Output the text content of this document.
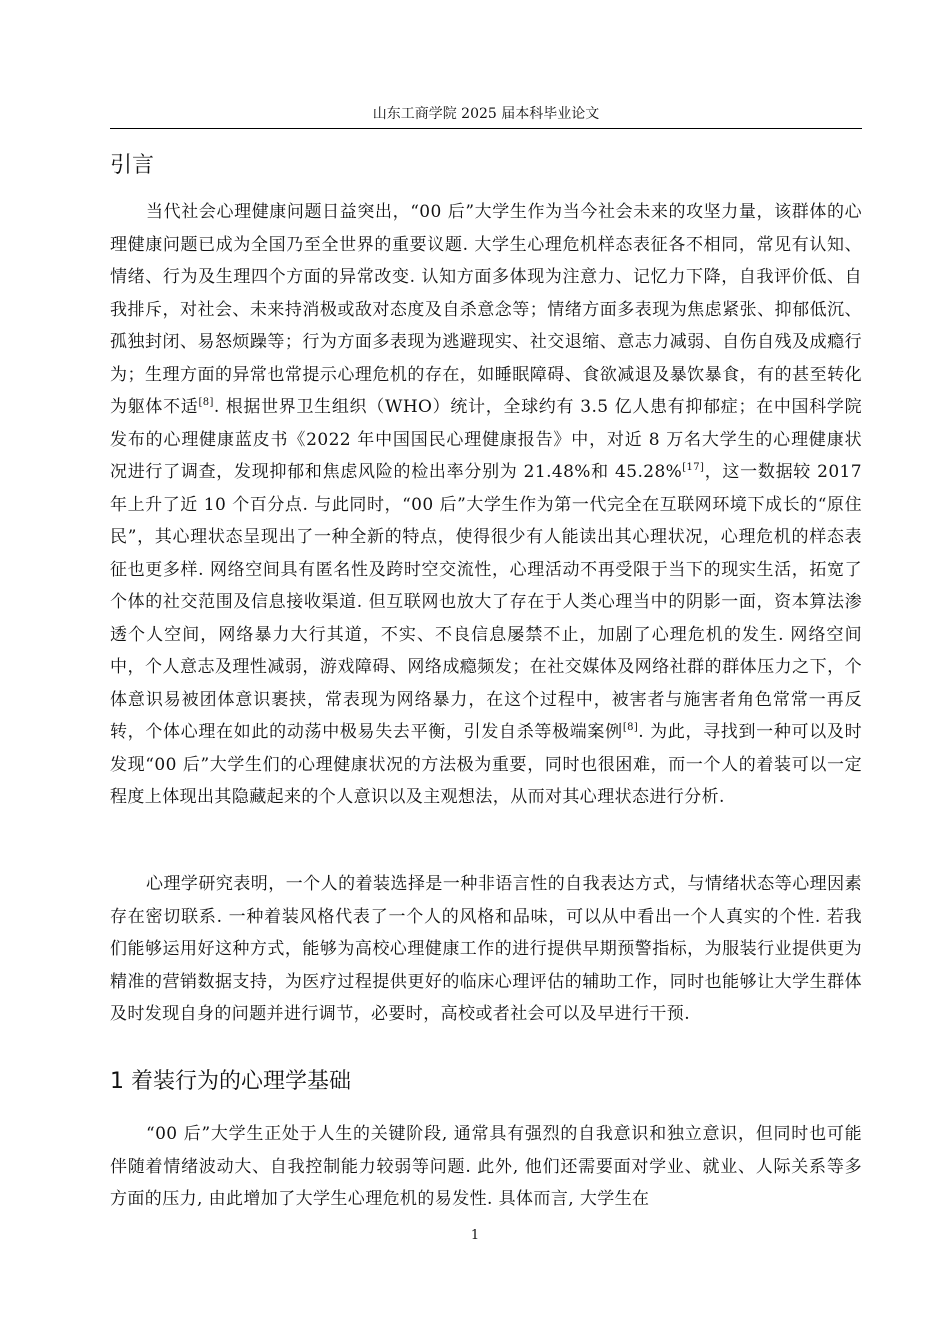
山东工商学院 2025 届本科毕业论文
引言

当代社会心理健康问题日益突出，“00 后”大学生作为当今社会未来的攻坚力量，该群体的心理健康问题已成为全国乃至全世界的重要议题. 大学生心理危机样态表征各不相同，常见有认知、情绪、行为及生理四个方面的异常改变. 认知方面多体现为注意力、记忆力下降，自我评价低、自我排斥，对社会、未来持消极或敌对态度及自杀意念等；情绪方面多表现为焦虑紧张、抑郁低沉、孤独封闭、易怒烦躁等；行为方面多表现为逃避现实、社交退缩、意志力减弱、自伤自残及成瘾行为；生理方面的异常也常提示心理危机的存在，如睡眠障碍、食欲减退及暴饮暴食，有的甚至转化为躯体不适[8]. 根据世界卫生组织（WHO）统计，全球约有 3.5 亿人患有抑郁症；在中国科学院发布的心理健康蓝皮书《2022 年中国国民心理健康报告》中，对近 8 万名大学生的心理健康状况进行了调查，发现抑郁和焦虑风险的检出率分别为 21.48%和 45.28%[17]，这一数据较 2017 年上升了近 10 个百分点. 与此同时，“00 后”大学生作为第一代完全在互联网环境下成长的“原住民”，其心理状态呈现出了一种全新的特点，使得很少有人能读出其心理状况，心理危机的样态表征也更多样. 网络空间具有匿名性及跨时空交流性，心理活动不再受限于当下的现实生活，拓宽了个体的社交范围及信息接收渠道. 但互联网也放大了存在于人类心理当中的阴影一面，资本算法渗透个人空间，网络暴力大行其道，不实、不良信息屡禁不止，加剧了心理危机的发生. 网络空间中，个人意志及理性减弱，游戏障碍、网络成瘾频发；在社交媒体及网络社群的群体压力之下，个体意识易被团体意识裹挟，常表现为网络暴力，在这个过程中，被害者与施害者角色常常一再反转，个体心理在如此的动荡中极易失去平衡，引发自杀等极端案例[8]. 为此，寻找到一种可以及时发现“00 后”大学生们的心理健康状况的方法极为重要，同时也很困难，而一个人的着装可以一定程度上体现出其隐藏起来的个人意识以及主观想法，从而对其心理状态进行分析.

心理学研究表明，一个人的着装选择是一种非语言性的自我表达方式，与情绪状态等心理因素存在密切联系. 一种着装风格代表了一个人的风格和品味，可以从中看出一个人真实的个性. 若我们能够运用好这种方式，能够为高校心理健康工作的进行提供早期预警指标，为服装行业提供更为精准的营销数据支持，为医疗过程提供更好的临床心理评估的辅助工作，同时也能够让大学生群体及时发现自身的问题并进行调节，必要时，高校或者社会可以及早进行干预.

1 着装行为的心理学基础

“00 后”大学生正处于人生的关键阶段, 通常具有强烈的自我意识和独立意识，但同时也可能伴随着情绪波动大、自我控制能力较弱等问题. 此外, 他们还需要面对学业、就业、人际关系等多方面的压力, 由此增加了大学生心理危机的易发性. 具体而言, 大学生在

1
